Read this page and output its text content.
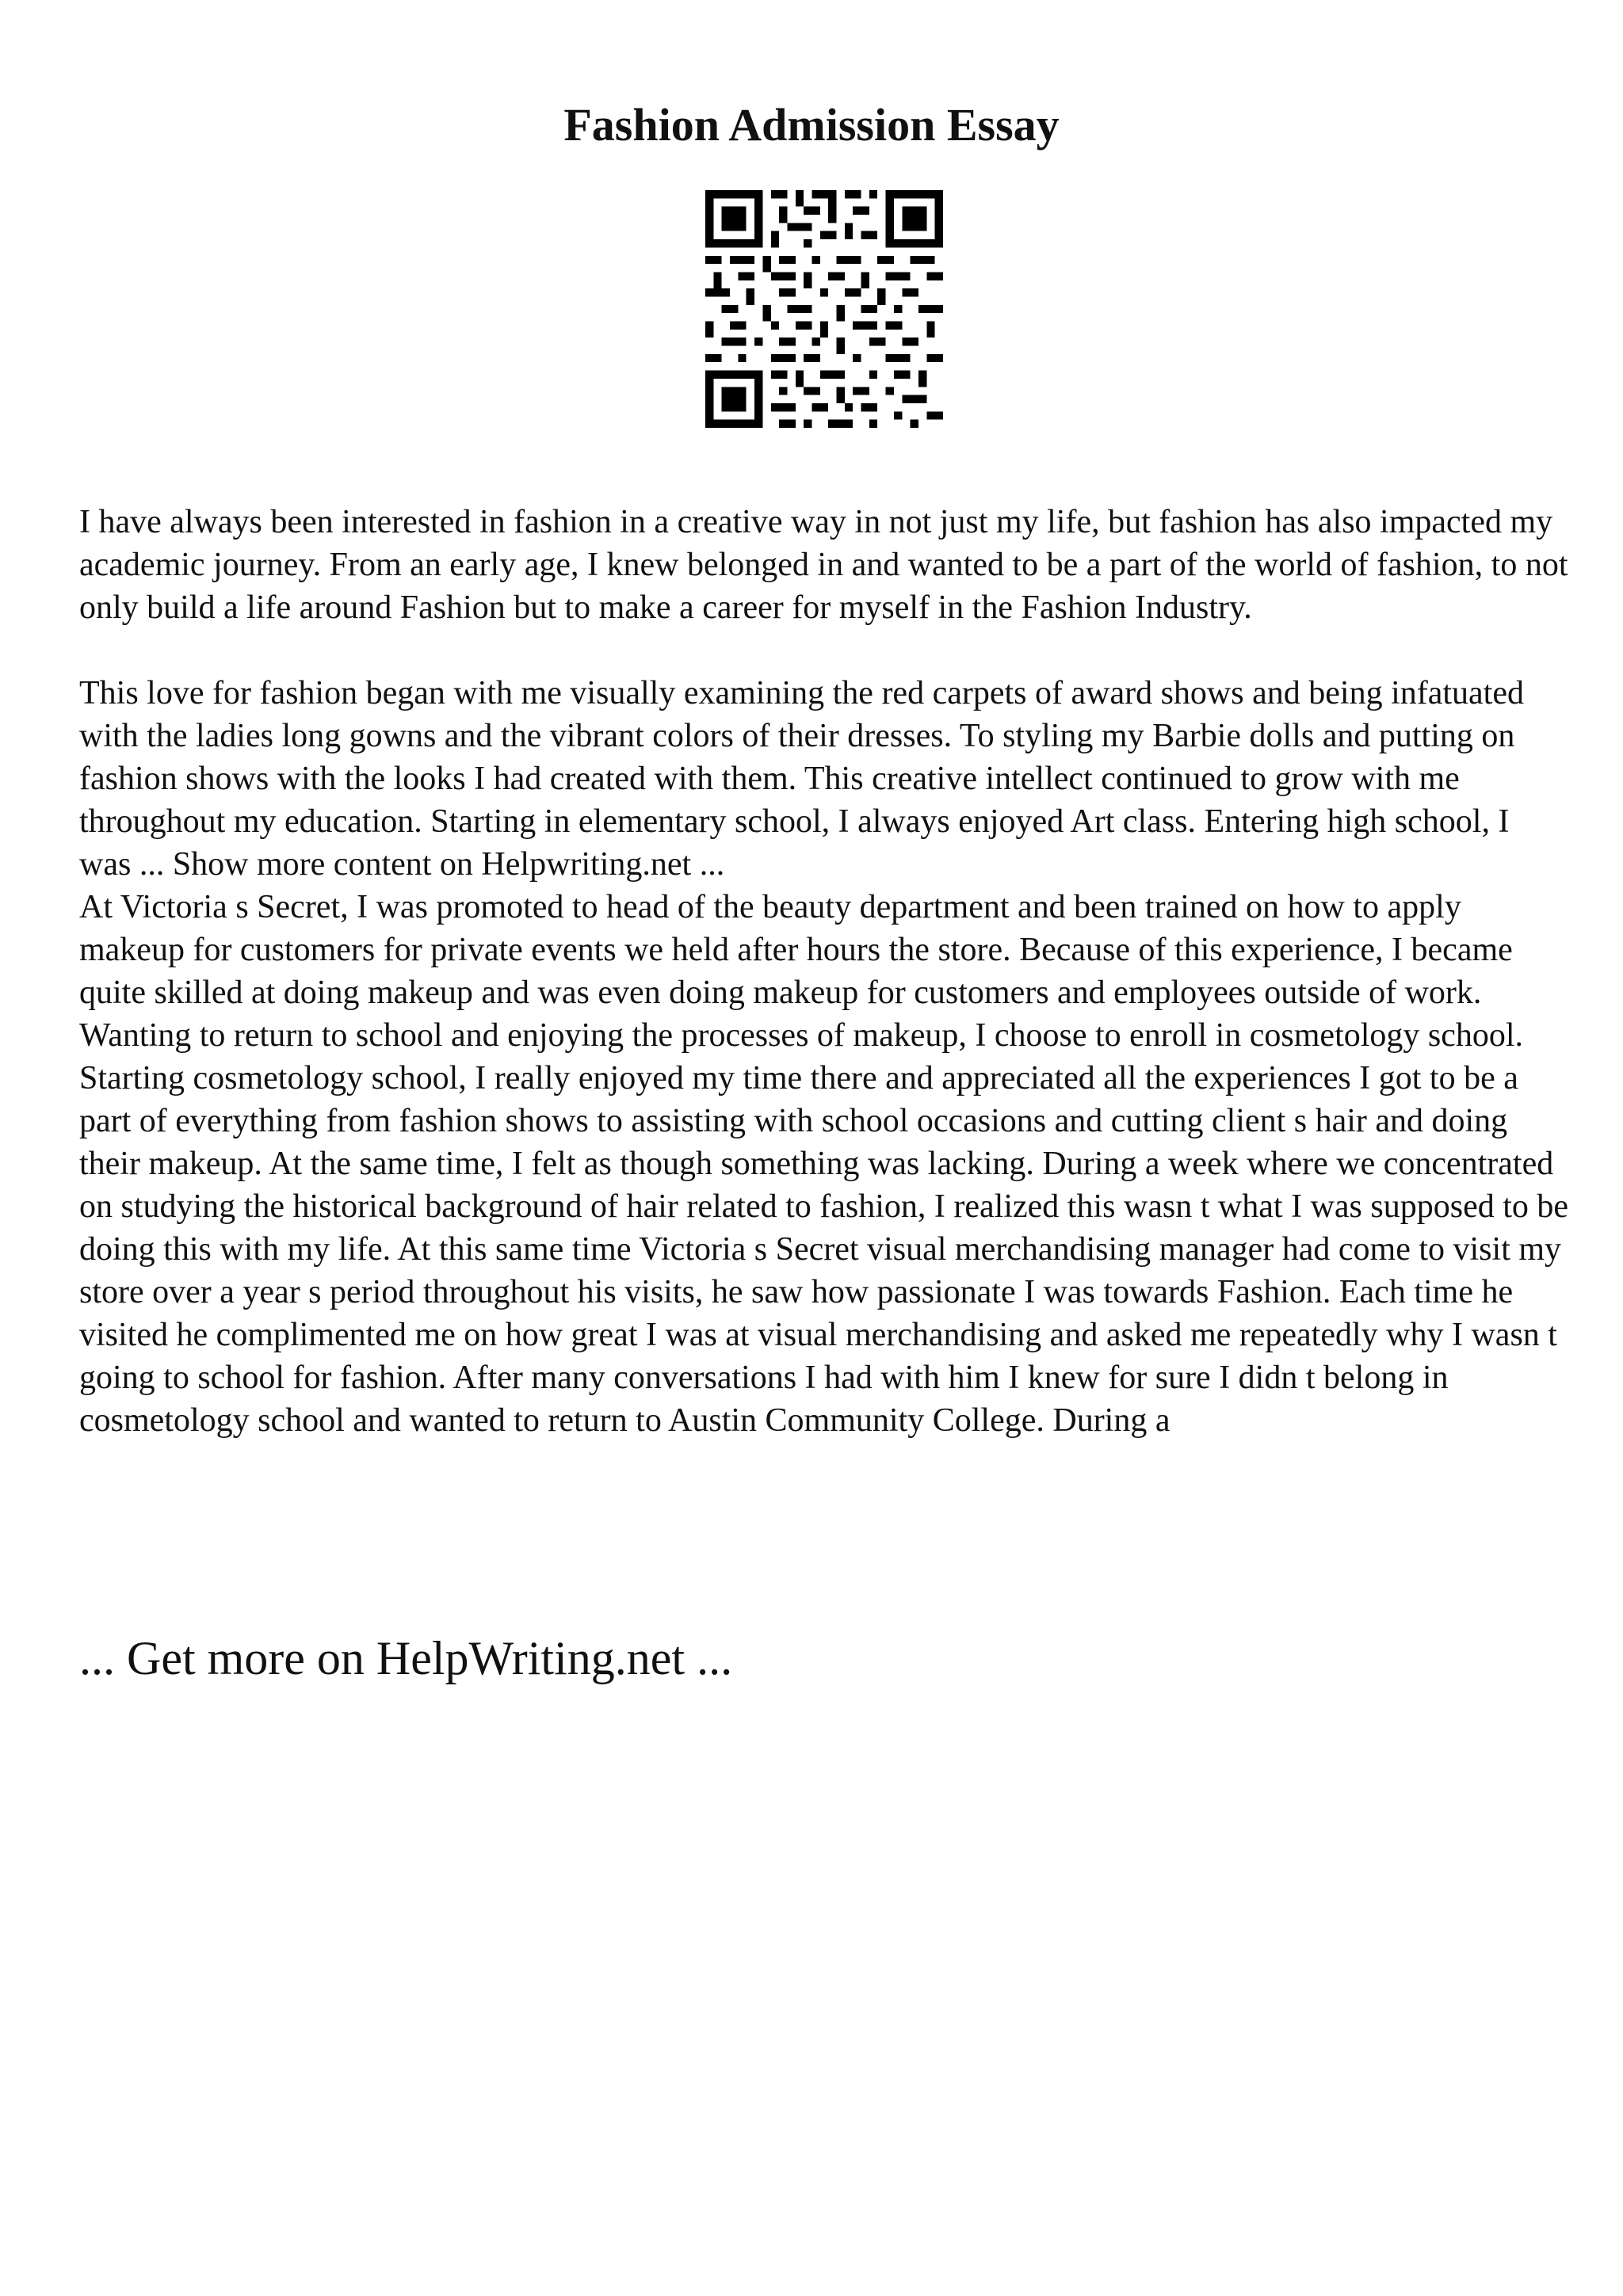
Fashion Admission Essay

I have always been interested in fashion in a creative way in not just my life, but fashion has also impacted my academic journey. From an early age, I knew belonged in and wanted to be a part of the world of fashion, to not only build a life around Fashion but to make a career for myself in the Fashion Industry.

This love for fashion began with me visually examining the red carpets of award shows and being infatuated with the ladies long gowns and the vibrant colors of their dresses. To styling my Barbie dolls and putting on fashion shows with the looks I had created with them. This creative intellect continued to grow with me throughout my education. Starting in elementary school, I always enjoyed Art class. Entering high school, I was ... Show more content on Helpwriting.net ...

At Victoria s Secret, I was promoted to head of the beauty department and been trained on how to apply makeup for customers for private events we held after hours the store. Because of this experience, I became quite skilled at doing makeup and was even doing makeup for customers and employees outside of work. Wanting to return to school and enjoying the processes of makeup, I choose to enroll in cosmetology school. Starting cosmetology school, I really enjoyed my time there and appreciated all the experiences I got to be a part of everything from fashion shows to assisting with school occasions and cutting client s hair and doing their makeup. At the same time, I felt as though something was lacking. During a week where we concentrated on studying the historical background of hair related to fashion, I realized this wasn t what I was supposed to be doing this with my life. At this same time Victoria s Secret visual merchandising manager had come to visit my store over a year s period throughout his visits, he saw how passionate I was towards Fashion. Each time he visited he complimented me on how great I was at visual merchandising and asked me repeatedly why I wasn t going to school for fashion. After many conversations I had with him I knew for sure I didn t belong in cosmetology school and wanted to return to Austin Community College. During a

... Get more on HelpWriting.net ...
